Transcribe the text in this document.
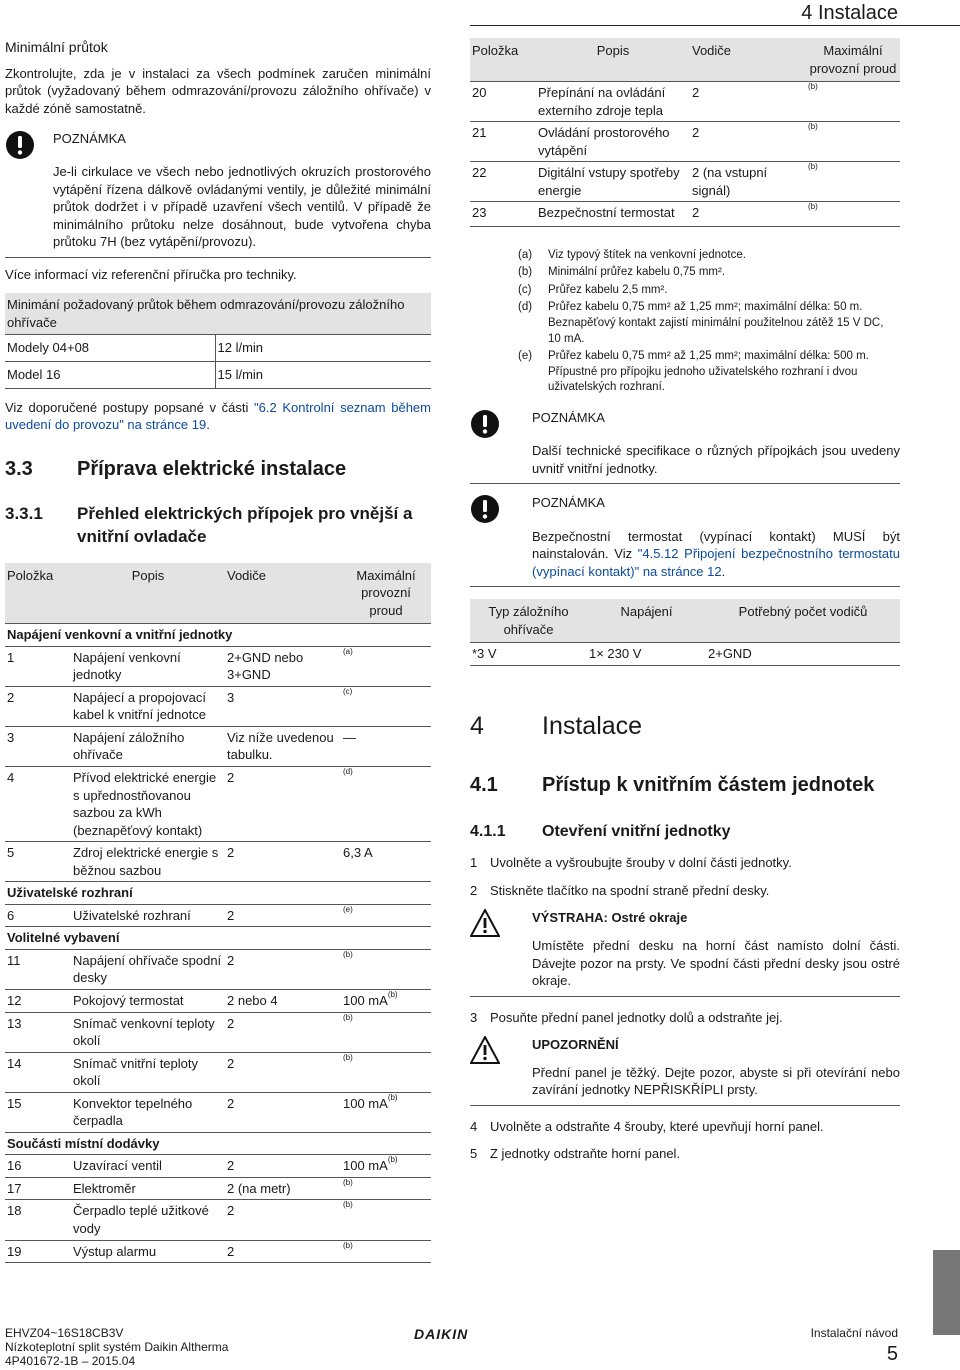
4 Instalace

Minimální průtok

Zkontrolujte, zda je v instalaci za všech podmínek zaručen minimální průtok (vyžadovaný během odmrazování/provozu záložního ohřívače) v každé zóně samostatně.

POZNÁMKA

Je-li cirkulace ve všech nebo jednotlivých okruzích prostorového vytápění řízena dálkově ovládanými ventily, je důležité minimální průtok dodržet i v případě uzavření všech ventilů. V případě že minimálního průtoku nelze dosáhnout, bude vytvořena chyba průtoku 7H (bez vytápění/provozu).

Více informací viz referenční příručka pro techniky.

Minimání požadovaný průtok během odmrazování/provozu záložního ohřívače	
Modely 04+08	12 l/min
Model 16	15 l/min

Viz doporučené postupy popsané v části "6.2 Kontrolní seznam během uvedení do provozu" na stránce 19.

3.3	Příprava elektrické instalace
3.3.1	Přehled elektrických přípojek pro vnější a vnitřní ovladače
Položka	Popis	Vodiče	Maximální provozní proud
Napájení venkovní a vnitřní jednotky			
1	Napájení venkovní jednotky	2+GND nebo 3+GND	$^{(a)}$
2	Napájecí a propojovací kabel k vnitřní jednotce	3	$^{(c)}$
3	Napájení záložního ohřívače	Viz níže uvedenou tabulku.	—
4	Přívod elektrické energie s upřednostňovanou sazbou za kWh (beznapěťový kontakt)	2	$^{(d)}$
5	Zdroj elektrické energie s běžnou sazbou	2	6,3 A
Uživatelské rozhraní			
6	Uživatelské rozhraní	2	$^{(e)}$
Volitelné vybavení			
11	Napájení ohřívače spodní desky	2	$^{(b)}$
12	Pokojový termostat	2 nebo 4	100 $mA^{(b)}$
13	Snímač venkovní teploty okolí	2	$^{(b)}$
14	Snímač vnitřní teploty okolí	2	$^{(b)}$
15	Konvektor tepelného čerpadla	2	100 $mA^{(b)}$
Součásti místní dodávky			
16	Uzavírací ventil	2	100 $mA^{(b)}$
17	Elektroměr	2 (na metr)	$^{(b)}$
18	Čerpadlo teplé užitkové vody	2	$^{(b)}$
19	Výstup alarmu	2	$^{(b)}$
Položka	Popis	Vodiče	Maximální provozní proud
20	Přepínání na ovládání externího zdroje tepla	2	$^{(b)}$
21	Ovládání prostorového vytápění	2	$^{(b)}$
22	Digitální vstupy spotřeby energie	2 (na vstupní signál)	$^{(b)}$
23	Bezpečnostní termostat	2	$^{(b)}$
	(a)	Viz typový štítek na venkovní jednotce.
	(b)	Minimální průřez kabelu 0,75 mm².
	(c)	Průřez kabelu 2,5 mm².
	(d)	Průřez kabelu 0,75 mm² až 1,25 mm²; maximální délka: 50 m. Beznapěťový kontakt zajistí minimální použitelnou zátěž 15 V DC, 10 mA.
	(e)	Průřez kabelu 0,75 mm² až 1,25 mm²; maximální délka: 500 m. Přípustné pro přípojku jednoho uživatelského rozhraní i dvou uživatelských rozhraní.

POZNÁMKA

Další technické specifikace o různých přípojkách jsou uvedeny uvnitř vnitřní jednotky.

POZNÁMKA

Bezpečnostní termostat (vypínací kontakt) MUSÍ být nainstalován. Viz "4.5.12 Připojení bezpečnostního termostatu (vypínací kontakt)" na stránce 12.

Typ záložního ohřívače	Napájení	Potřebný počet vodičů
*3 V	1× 230 V	2+GND
4	Instalace
4.1	Přístup k vnitřním částem jednotek
4.1.1	Otevření vnitřní jednotky
1 Uvolněte a vyšroubujte šrouby v dolní části jednotky.
2 Stiskněte tlačítko na spodní straně přední desky.

VÝSTRAHA: Ostré okraje

Umístěte přední desku na horní část namísto dolní části. Dávejte pozor na prsty. Ve spodní části přední desky jsou ostré okraje.

3 Posuňte přední panel jednotky dolů a odstraňte jej.

UPOZORNĚNÍ

Přední panel je těžký. Dejte pozor, abyste si při otevírání nebo zavírání jednotky NEPŘISKŘÍPLI prsty.

4 Uvolněte a odstraňte 4 šrouby, které upevňují horní panel.
5 Z jednotky odstraňte horní panel.
EHVZ04~16S18CB3V
Nízkoteplotní split systém Daikin Altherma
4P401672-1B – 2015.04
DAIKIN	Instalační návod
5
